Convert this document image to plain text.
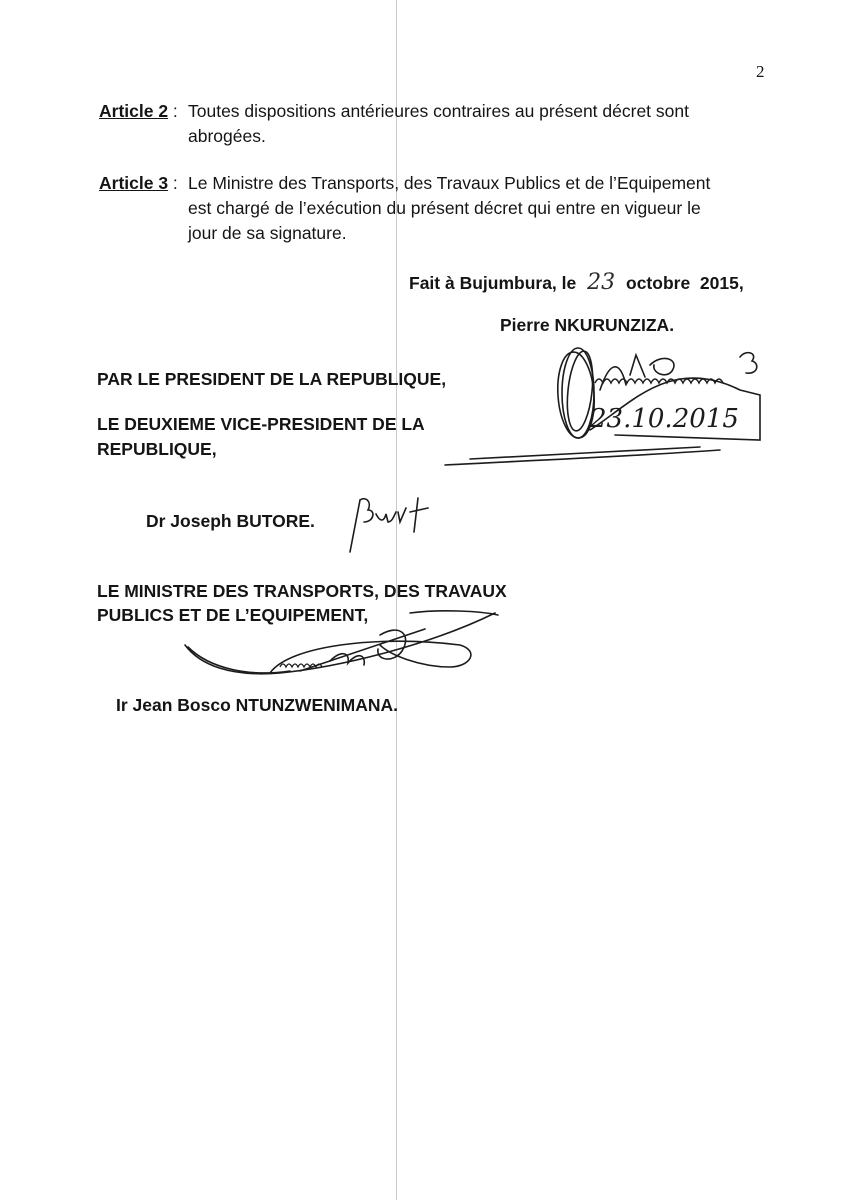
2
Article 2 : Toutes dispositions antérieures contraires au présent décret sont
abrogées.
Article 3 : Le Ministre des Transports, des Travaux Publics et de l’Equipement
est chargé de l’exécution du présent décret qui entre en vigueur le
jour de sa signature.
Fait à Bujumbura, le 23 octobre  2015,
Pierre NKURUNZIZA.
23.10.2015
PAR LE PRESIDENT DE LA REPUBLIQUE,
LE DEUXIEME VICE-PRESIDENT DE LA
REPUBLIQUE,
Dr Joseph BUTORE.
LE MINISTRE DES TRANSPORTS, DES TRAVAUX
PUBLICS ET DE L’EQUIPEMENT,
Ir Jean Bosco NTUNZWENIMANA.
